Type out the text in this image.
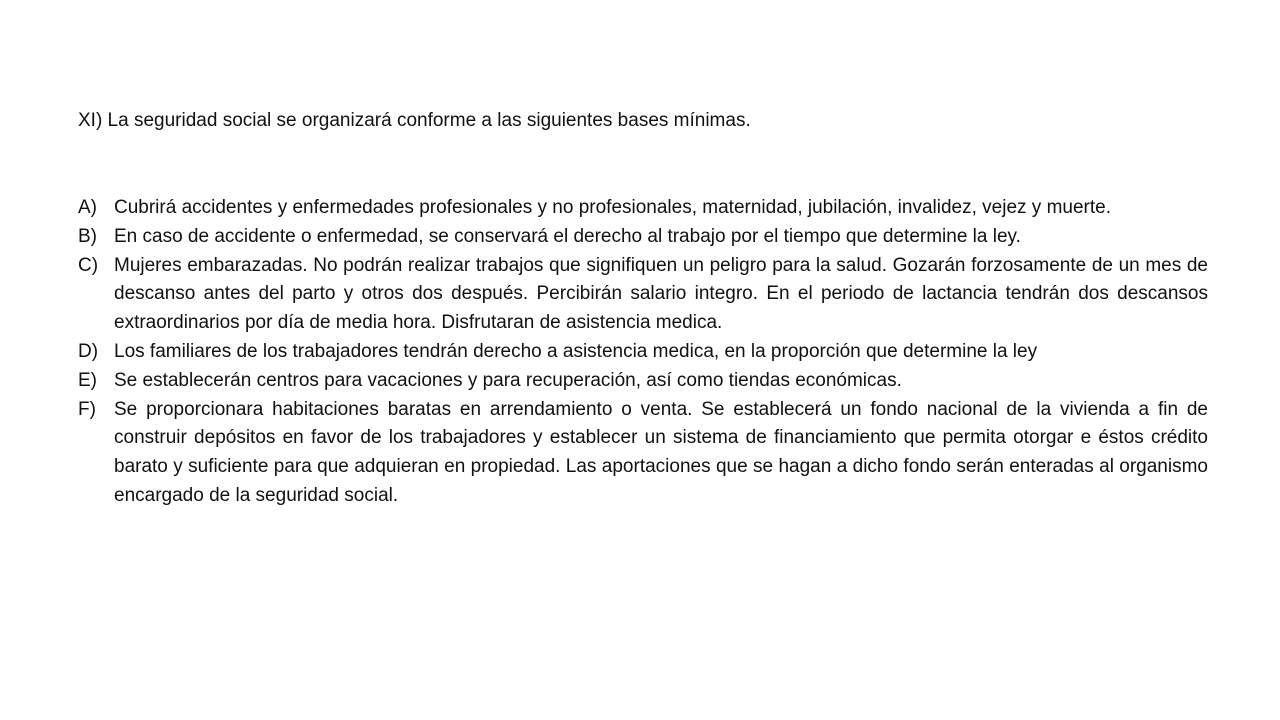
XI) La seguridad social se organizará conforme a las siguientes bases mínimas.
A) Cubrirá accidentes y enfermedades profesionales y no profesionales, maternidad, jubilación, invalidez, vejez y muerte.
B) En caso de accidente o enfermedad, se conservará el derecho al trabajo por el tiempo que determine la ley.
C) Mujeres embarazadas. No podrán realizar trabajos que signifiquen un peligro para la salud. Gozarán forzosamente de un mes de descanso antes del parto y otros dos después. Percibirán salario integro. En el periodo de lactancia tendrán dos descansos extraordinarios por día de media hora. Disfrutaran de asistencia medica.
D) Los familiares de los trabajadores tendrán derecho a asistencia medica, en la proporción que determine la ley
E) Se establecerán centros para vacaciones y para recuperación, así como tiendas económicas.
F) Se proporcionara habitaciones baratas en arrendamiento o venta. Se establecerá un fondo nacional de la vivienda a fin de construir depósitos en favor de los trabajadores y establecer un sistema de financiamiento que permita otorgar e éstos crédito barato y suficiente para que adquieran en propiedad. Las aportaciones que se hagan a dicho fondo serán enteradas al organismo encargado de la seguridad social.
